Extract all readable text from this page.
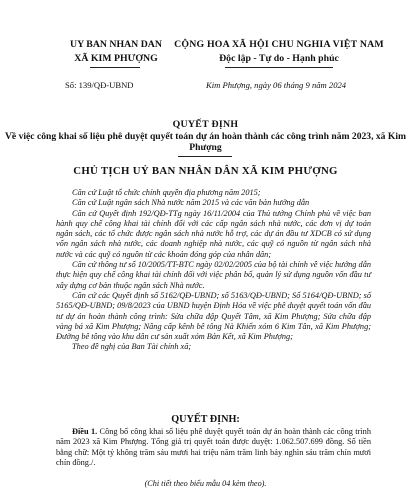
UY BAN NHAN DAN
XÃ KIM PHƯỢNG
CỘNG HOA XÃ HỘI CHU NGHIA VIỆT NAM
Độc lập - Tự do - Hạnh phúc
Số: 139/QĐ-UBND	Kim Phượng, ngày 06 tháng 9 năm 2024
QUYẾT ĐỊNH
Về việc công khai số liệu phê duyệt quyết toán dự án hoàn thành các công trình năm 2023, xã Kim Phượng
CHỦ TỊCH UỶ BAN NHÂN DÂN XÃ KIM PHƯỢNG

Căn cứ Luật tổ chức chính quyền địa phương năm 2015;

Căn cứ Luật ngân sách Nhà nước năm 2015 và các văn bản hướng dẫn

Căn cứ Quyết định 192/QĐ-TTg ngày 16/11/2004 của Thủ tướng Chính phủ về việc ban hành quy chế công khai tài chính đối với các cấp ngân sách nhà nước, các đơn vị dự toán ngân sách, các tổ chức được ngân sách nhà nước hỗ trợ, các dự án đầu tư XDCB có sử dụng vốn ngân sách nhà nước, các doanh nghiệp nhà nước, các quỹ có nguồn từ ngân sách nhà nước và các quỹ có nguồn từ các khoản đóng góp của nhân dân;

Căn cứ thông tư số 10/2005/TT-BTC ngày 02/02/2005 của bộ tài chính về việc hướng dẫn thực hiện quy chế công khai tài chính đối với việc phân bổ, quản lý sử dụng nguồn vốn đầu tư xây dựng cơ bản thuộc ngân sách Nhà nước.

Căn cứ các Quyết định số 5162/QĐ-UBND; số 5163/QĐ-UBND; Số 5164/QĐ-UBND; số 5165/QĐ-UBND; 09/8/2023 của UBND huyện Định Hóa về việc phê duyệt quyết toán vốn đầu tư dự án hoàn thành công trình: Sửa chữa đập Quyết Tâm, xã Kim Phượng; Sửa chữa đập vàng bá xã Kim Phượng; Nâng cấp kênh bê tông Nà Khiển xóm 6 Kim Tân, xã Kim Phượng; Đường bê tông vào khu dân cư sản xuất xóm Bản Kết, xã Kim Phượng;

Theo đề nghị của Ban Tài chính xã;

QUYẾT ĐỊNH:
Điều 1. Công bố công khai số liệu phê duyệt quyết toán dự án hoàn thành các công trình năm 2023 xã Kim Phượng. Tổng giá trị quyết toán được duyệt: 1.062.507.699 đồng. Số tiền bằng chữ: Một tỷ không trăm sáu mươi hai triệu năm trăm linh bảy nghìn sáu trăm chín mươi chín đồng./.
(Chi tiết theo biểu mẫu 04 kèm theo).
